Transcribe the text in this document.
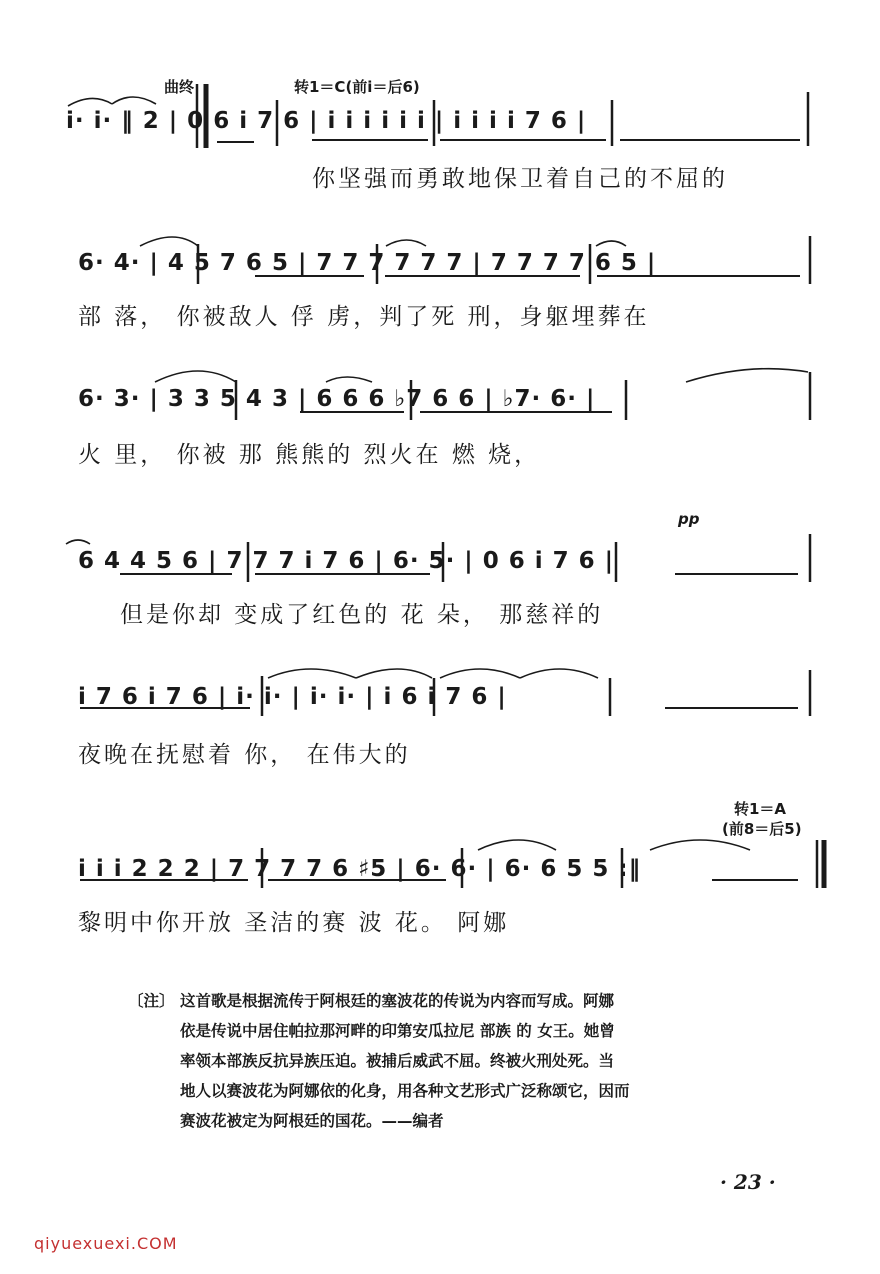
曲终	转1＝C(前i＝后6)
i· i· ‖ 2 | 0 6 i 7 6 | i i i i i i | i i i i 7 6 |
你坚强而勇敢地保卫着自己的不屈的
6· 4· | 4 5 7 6 5 | 7 7 7 7 7 7 | 7 7 7 7 6 5 |
部 落， 你被敌人 俘 虏，判了死 刑，身躯埋葬在
6· 3· | 3 3 5 4 3 | 6 6 6 ♭7 6 6 | ♭7· 6· |
火 里， 你被 那 熊熊的 烈火在 燃 烧，
pp
6 4 4 5 6 | 7 7 7 i 7 6 | 6· 5· | 0 6 i 7 6 |
但是你却 变成了红色的 花 朵， 那慈祥的
i 7 6 i 7 6 | i· i· | i· i· | i 6 i 7 6 |
夜晚在抚慰着 你， 在伟大的
转1＝A
(前8＝后5)
i i i 2 2 2 | 7 7 7 7 6 ♯5 | 6· 6· | 6· 6 5 5 :‖
黎明中你开放 圣洁的赛 波 花。 阿娜
〔注〕 这首歌是根据流传于阿根廷的塞波花的传说为内容而写成。阿娜
依是传说中居住帕拉那河畔的印第安瓜拉尼 部族 的 女王。她曾
率领本部族反抗异族压迫。被捕后威武不屈。终被火刑处死。当
地人以赛波花为阿娜依的化身，用各种文艺形式广泛称颂它，因而
赛波花被定为阿根廷的国花。——编者
· 23 ·
qiyuexuexi.COM
